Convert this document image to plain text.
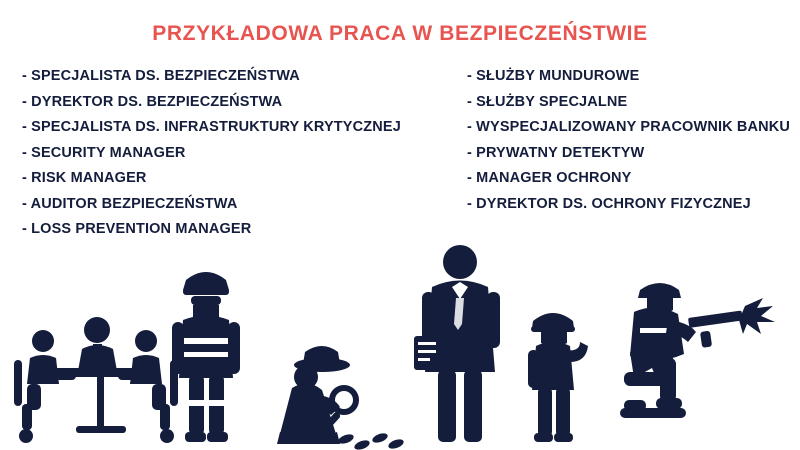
PRZYKŁADOWA PRACA W BEZPIECZEŃSTWIE
- SPECJALISTA DS. BEZPIECZEŃSTWA
- DYREKTOR DS. BEZPIECZEŃSTWA
- SPECJALISTA DS. INFRASTRUKTURY KRYTYCZNEJ
- SECURITY MANAGER
- RISK MANAGER
- AUDITOR BEZPIECZEŃSTWA
- LOSS PREVENTION MANAGER
- SŁUŻBY MUNDUROWE
- SŁUŻBY SPECJALNE
- WYSPECJALIZOWANY PRACOWNIK BANKU
- PRYWATNY DETEKTYW
- MANAGER OCHRONY
- DYREKTOR DS. OCHRONY FIZYCZNEJ
